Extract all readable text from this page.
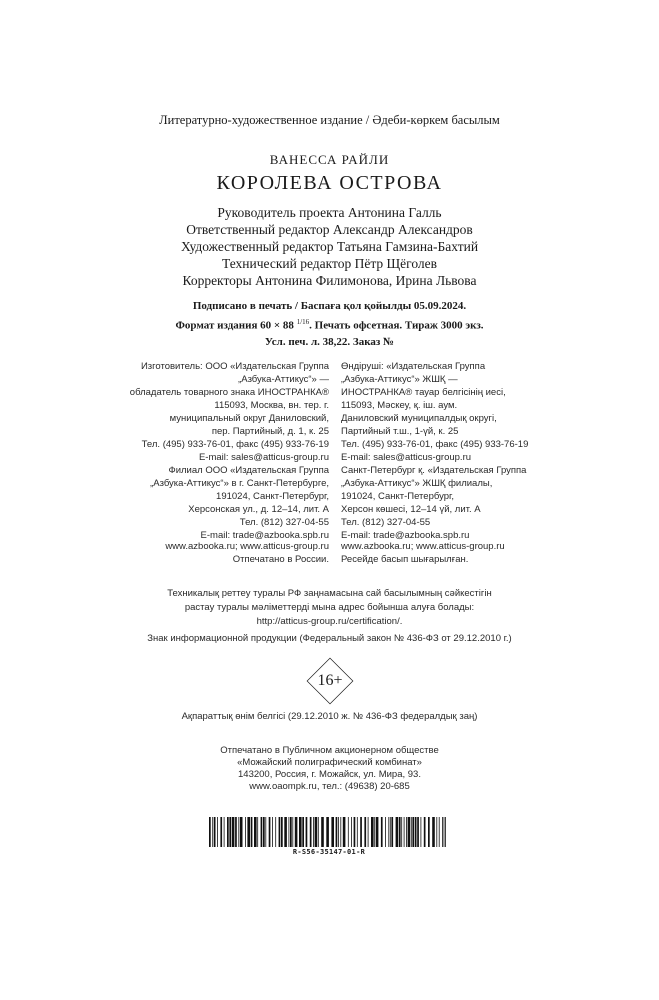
Литературно-художественное издание / Әдеби-көркем басылым
ВАНЕССА РАЙЛИ
КОРОЛЕВА ОСТРОВА
Руководитель проекта Антонина Галль
Ответственный редактор Александр Александров
Художественный редактор Татьяна Гамзина-Бахтий
Технический редактор Пётр Щёголев
Корректоры Антонина Филимонова, Ирина Львова
Подписано в печать / Баспаға қол қойылды 05.09.2024.
Формат издания 60 × 88 $^{1/16}$. Печать офсетная. Тираж 3000 экз.
Усл. печ. л. 38,22. Заказ №
Изготовитель: ООО «Издательская Группа
„Азбука-Аттикус“» —
обладатель товарного знака ИНОСТРАНКА®
115093, Москва, вн. тер. г.
муниципальный округ Даниловский,
пер. Партийный, д. 1, к. 25
Тел. (495) 933-76-01, факс (495) 933-76-19
E-mail: sales@atticus-group.ru
Өндіруші: «Издательская Группа
„Азбука-Аттикус“» ЖШҚ —
ИНОСТРАНКА® тауар белгісінің иесі,
115093, Мәскеу, қ. іш. аум.
Даниловский муниципалдық округі,
Партийный т.ш., 1-үй, к. 25
Тел. (495) 933-76-01, факс (495) 933-76-19
E-mail: sales@atticus-group.ru
Филиал ООО «Издательская Группа
„Азбука-Аттикус“» в г. Санкт-Петербурге,
191024, Санкт-Петербург,
Херсонская ул., д. 12–14, лит. А
Тел. (812) 327-04-55
E-mail: trade@azbooka.spb.ru
Санкт-Петербург қ. «Издательская Группа
„Азбука-Аттикус“» ЖШҚ филиалы,
191024, Санкт-Петербург,
Херсон көшесі, 12–14 үй, лит. А
Тел. (812) 327-04-55
E-mail: trade@azbooka.spb.ru
www.azbooka.ru; www.atticus-group.ru
Отпечатано в России.
www.azbooka.ru; www.atticus-group.ru
Ресейде басып шығарылған.
Техникалық реттеу туралы РФ заңнамасына сай басылымның сәйкестігін
растау туралы мәліметтерді мына адрес бойынша алуға болады:
http://atticus-group.ru/certification/.
Знак информационной продукции (Федеральный закон № 436-ФЗ от 29.12.2010 г.)
16+
Ақпараттық өнім белгісі (29.12.2010 ж. № 436-ФЗ федералдық заң)
Отпечатано в Публичном акционерном обществе
«Можайский полиграфический комбинат»
143200, Россия, г. Можайск, ул. Мира, 93.
www.oaompk.ru, тел.: (49638) 20-685
R-S56-35147-01-R
